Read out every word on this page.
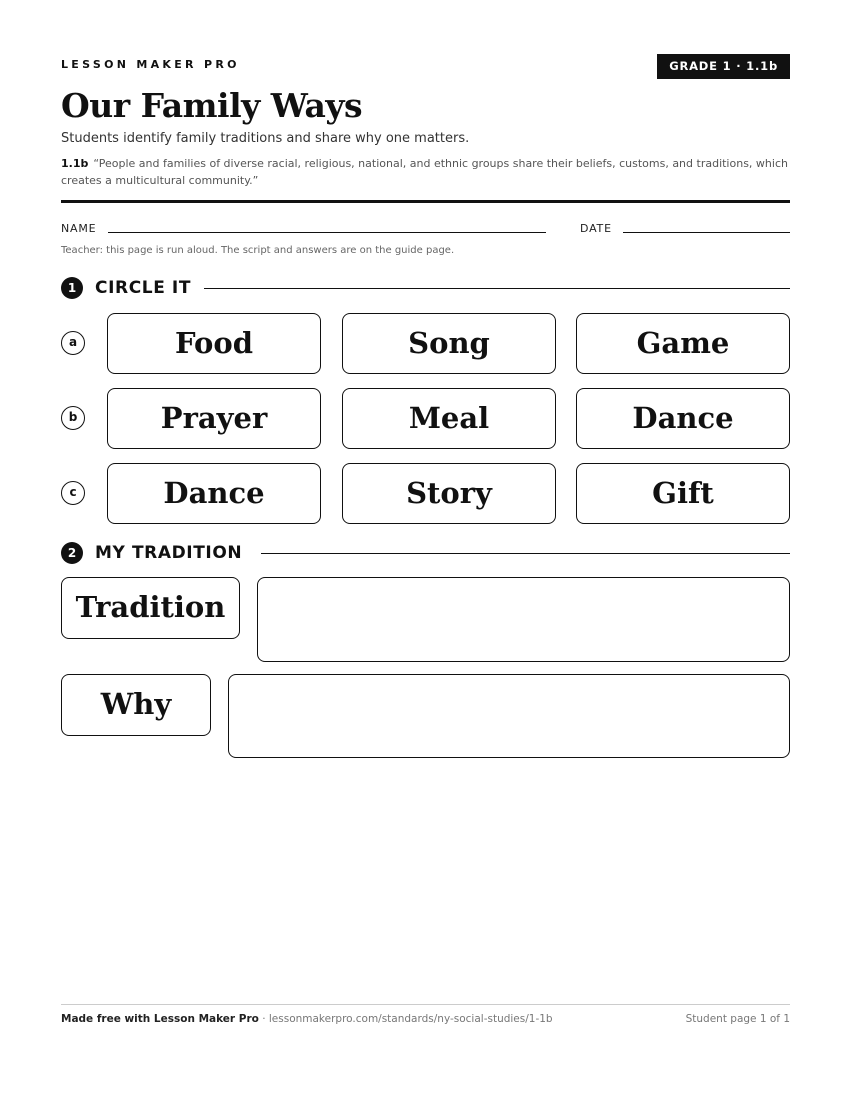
LESSON MAKER PRO	GRADE 1 · 1.1b
Our Family Ways
Students identify family traditions and share why one matters.
1.1b “People and families of diverse racial, religious, national, and ethnic groups share their beliefs, customs, and traditions, which creates a multicultural community.”
NAME	DATE
Teacher: this page is run aloud. The script and answers are on the guide page.
1	CIRCLE IT
a	Food	Song	Game
b	Prayer	Meal	Dance
c	Dance	Story	Gift
2	MY TRADITION
Tradition
Why
Made free with Lesson Maker Pro · lessonmakerpro.com/standards/ny-social-studies/1-1b	Student page 1 of 1
